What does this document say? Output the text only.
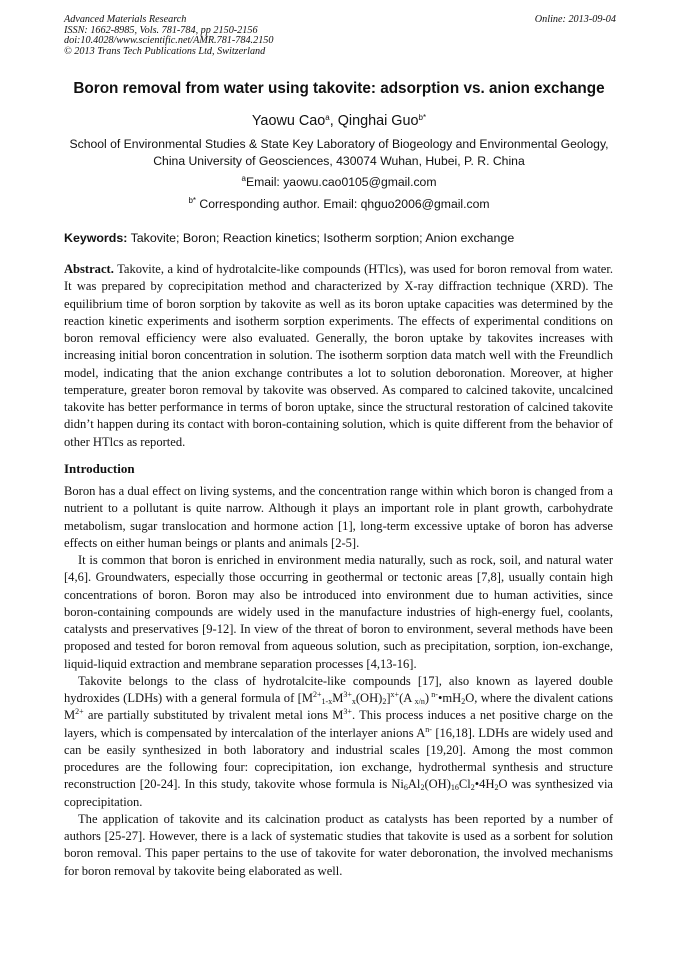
Advanced Materials Research
ISSN: 1662-8985, Vols. 781-784, pp 2150-2156
doi:10.4028/www.scientific.net/AMR.781-784.2150
© 2013 Trans Tech Publications Ltd, Switzerland
Online: 2013-09-04
Boron removal from water using takovite: adsorption vs. anion exchange
Yaowu Cao$^a$, Qinghai Guo$^{b*}$
School of Environmental Studies & State Key Laboratory of Biogeology and Environmental Geology,
China University of Geosciences, 430074 Wuhan, Hubei, P. R. China
$^a$Email: yaowu.cao0105@gmail.com
$^{b*}$ Corresponding author. Email: qhguo2006@gmail.com
Keywords: Takovite; Boron; Reaction kinetics; Isotherm sorption; Anion exchange
Abstract. Takovite, a kind of hydrotalcite-like compounds (HTlcs), was used for boron removal from water. It was prepared by coprecipitation method and characterized by X-ray diffraction technique (XRD). The equilibrium time of boron sorption by takovite as well as its boron uptake capacities was determined by the reaction kinetic experiments and isotherm sorption experiments. The effects of experimental conditions on boron removal efficiency were also evaluated. Generally, the boron uptake by takovites increases with increasing initial boron concentration in solution. The isotherm sorption data match well with the Freundlich model, indicating that the anion exchange contributes a lot to solution deboronation. Moreover, at higher temperature, greater boron removal by takovite was observed. As compared to calcined takovite, uncalcined takovite has better performance in terms of boron uptake, since the structural restoration of calcined takovite didn’t happen during its contact with boron-containing solution, which is quite different from the behavior of other HTlcs as reported.
Introduction
Boron has a dual effect on living systems, and the concentration range within which boron is changed from a nutrient to a pollutant is quite narrow. Although it plays an important role in plant growth, carbohydrate metabolism, sugar translocation and hormone action [1], long-term excessive uptake of boron has adverse effects on either human beings or plants and animals [2-5].
It is common that boron is enriched in environment media naturally, such as rock, soil, and natural water [4,6]. Groundwaters, especially those occurring in geothermal or tectonic areas [7,8], usually contain high concentrations of boron. Boron may also be introduced into environment due to human activities, since boron-containing compounds are widely used in the manufacture industries of high-energy fuel, coolants, catalysts and preservatives [9-12]. In view of the threat of boron to environment, several methods have been proposed and tested for boron removal from aqueous solution, such as precipitation, sorption, ion-exchange, liquid-liquid extraction and membrane separation processes [4,13-16].
Takovite belongs to the class of hydrotalcite-like compounds [17], also known as layered double hydroxides (LDHs) with a general formula of $[M^{2+}_{1-x}M^{3+}_x(OH)_2]^{x+}(A$ $_{x/n}$) $^{n-}•mH_2O$, where the divalent cations $M^{2+}$ are partially substituted by trivalent metal ions $M^{3+}$. This process induces a net positive charge on the layers, which is compensated by intercalation of the interlayer anions $A^{n-}$ [16,18]. LDHs are widely used and can be easily synthesized in both laboratory and industrial scales [19,20]. Among the most common procedures are the following four: coprecipitation, ion exchange, hydrothermal synthesis and structure reconstruction [20-24]. In this study, takovite whose formula is $Ni_6Al_2(OH)_{16}Cl_2•4H_2O$ was synthesized via coprecipitation.
The application of takovite and its calcination product as catalysts has been reported by a number of authors [25-27]. However, there is a lack of systematic studies that takovite is used as a sorbent for solution boron removal. This paper pertains to the use of takovite for water deboronation, the involved mechanisms for boron removal by takovite being elaborated as well.
